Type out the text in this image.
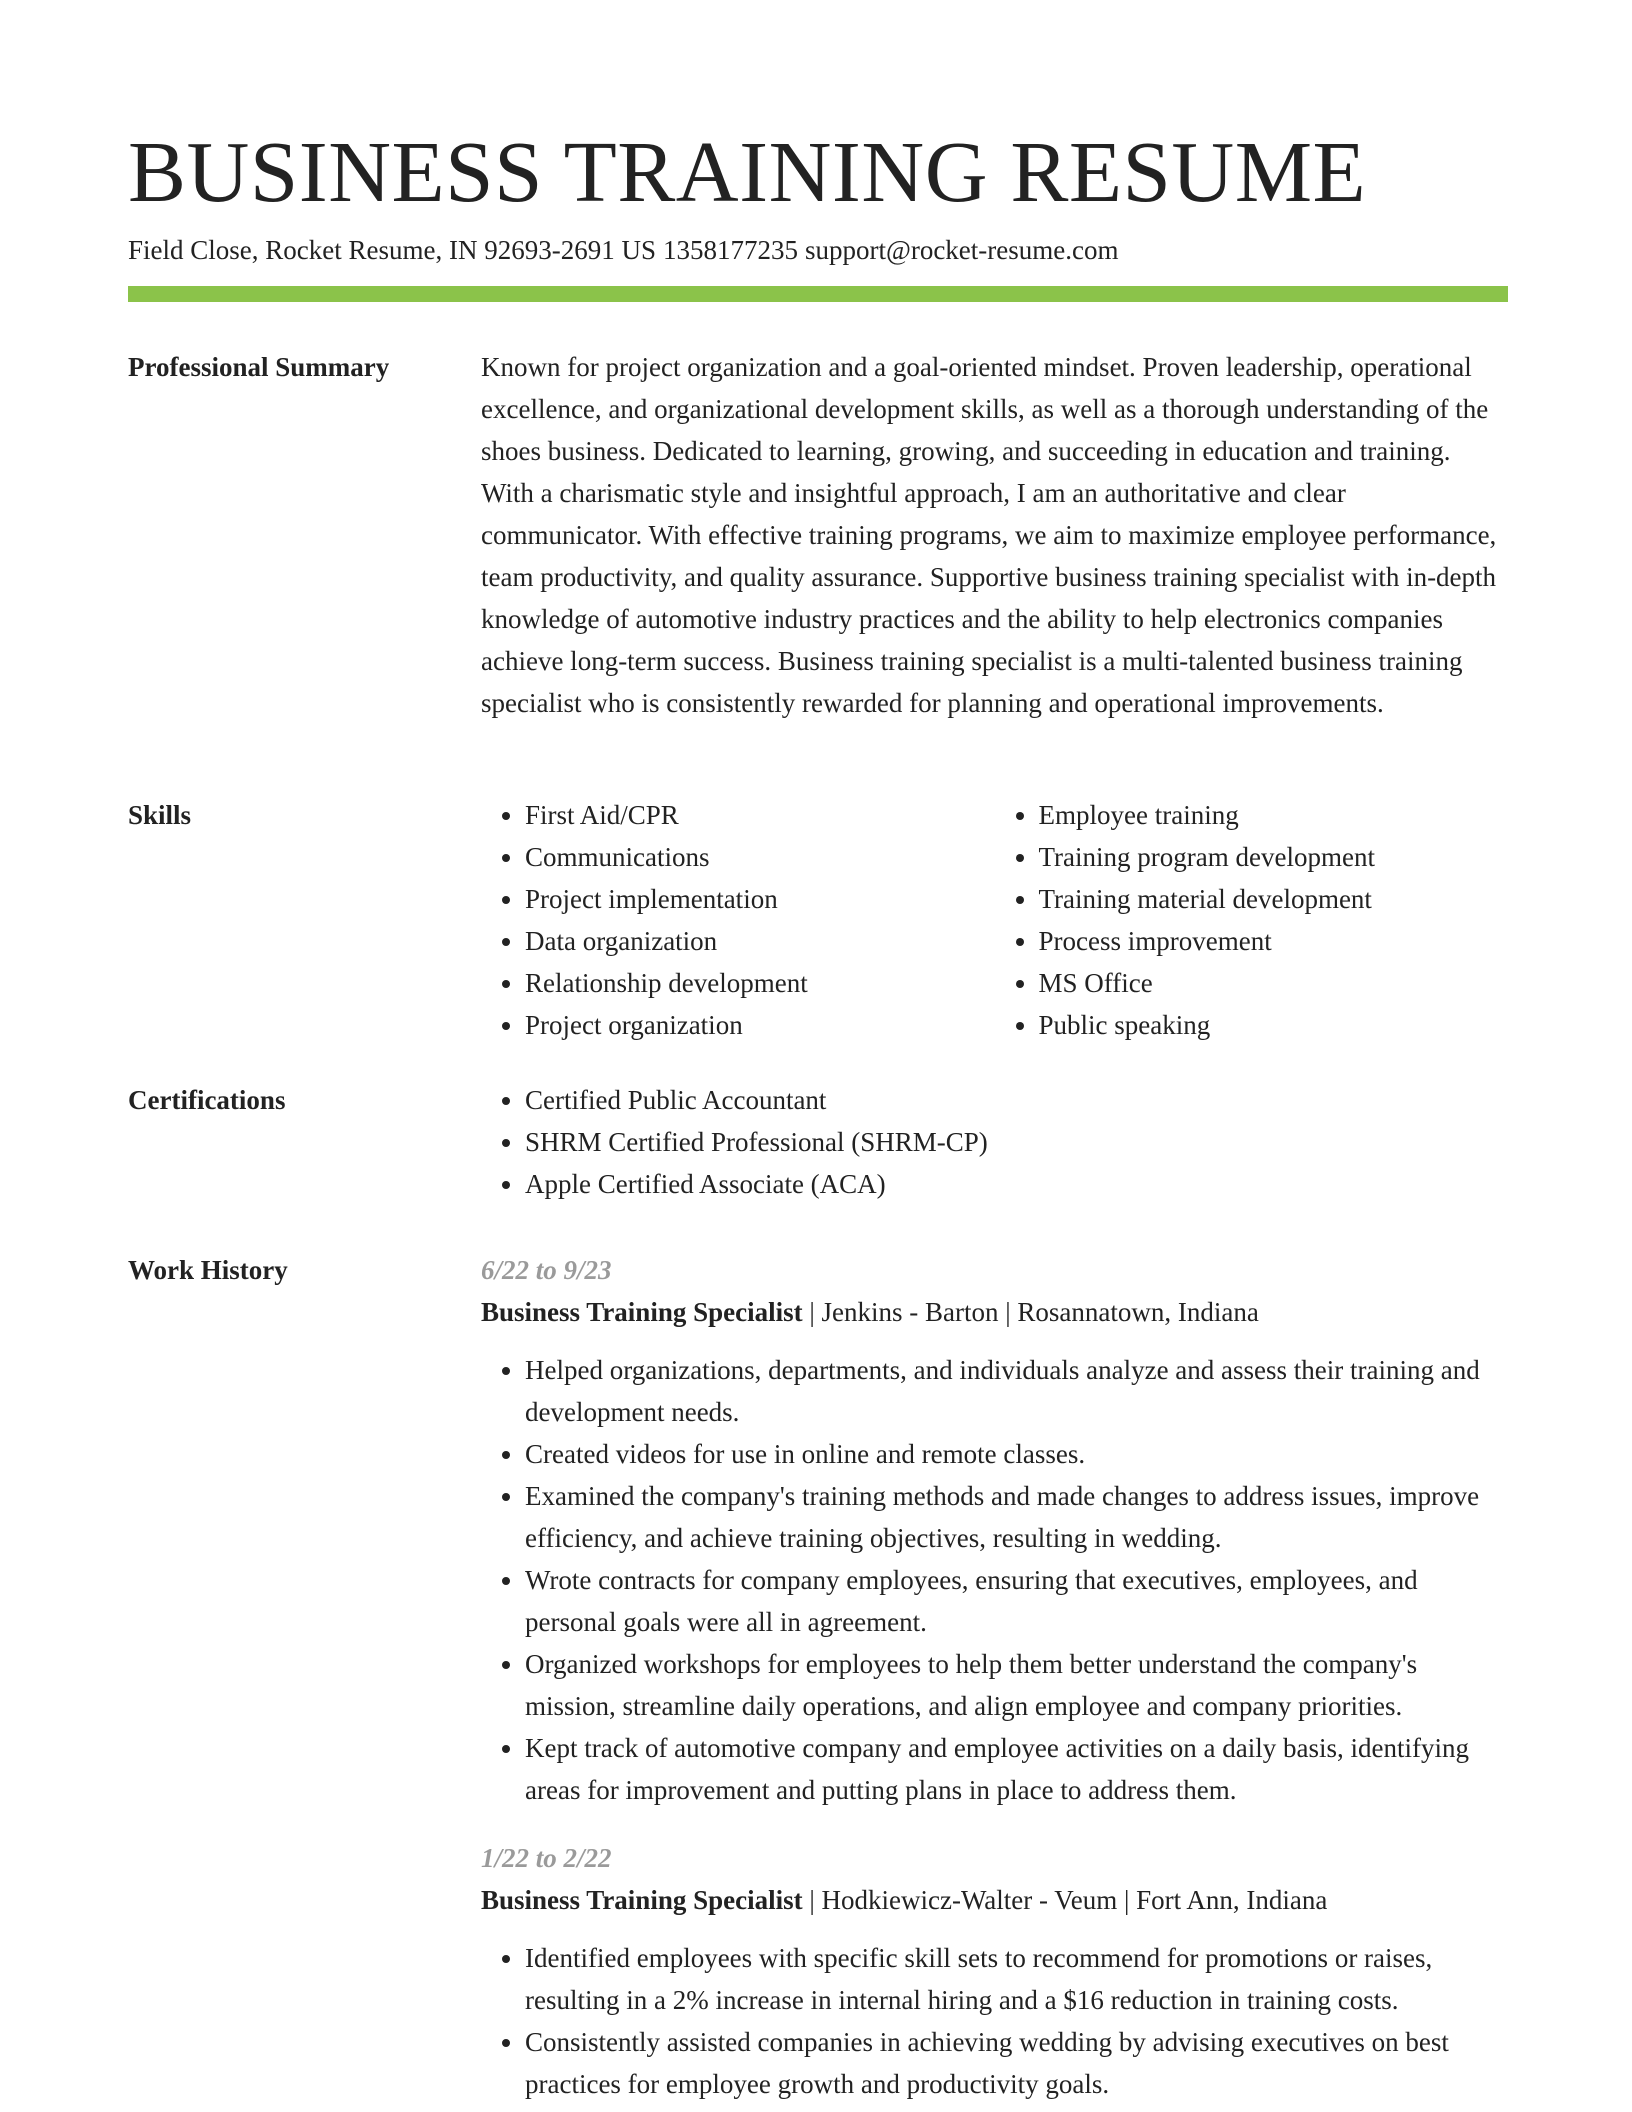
BUSINESS TRAINING RESUME
Field Close, Rocket Resume, IN 92693-2691 US 1358177235 support@rocket-resume.com
Professional Summary	Known for project organization and a goal-oriented mindset. Proven leadership, operational excellence, and organizational development skills, as well as a thorough understanding of the shoes business. Dedicated to learning, growing, and succeeding in education and training. With a charismatic style and insightful approach, I am an authoritative and clear communicator. With effective training programs, we aim to maximize employee performance, team productivity, and quality assurance. Supportive business training specialist with in-depth knowledge of automotive industry practices and the ability to help electronics companies achieve long-term success. Business training specialist is a multi-talented business training specialist who is consistently rewarded for planning and operational improvements.

Skills	• First Aid/CPR
• Communications
• Project implementation
• Data organization
• Relationship development
• Project organization
• Employee training
• Training program development
• Training material development
• Process improvement
• MS Office
• Public speaking
Certifications	• Certified Public Accountant
• SHRM Certified Professional (SHRM-CP)
• Apple Certified Associate (ACA)
Work History	6/22 to 9/23
Business Training Specialist | Jenkins - Barton | Rosannatown, Indiana
• Helped organizations, departments, and individuals analyze and assess their training and development needs.
• Created videos for use in online and remote classes.
• Examined the company's training methods and made changes to address issues, improve efficiency, and achieve training objectives, resulting in wedding.
• Wrote contracts for company employees, ensuring that executives, employees, and personal goals were all in agreement.
• Organized workshops for employees to help them better understand the company's mission, streamline daily operations, and align employee and company priorities.
• Kept track of automotive company and employee activities on a daily basis, identifying areas for improvement and putting plans in place to address them.
1/22 to 2/22
Business Training Specialist | Hodkiewicz-Walter - Veum | Fort Ann, Indiana
• Identified employees with specific skill sets to recommend for promotions or raises, resulting in a 2% increase in internal hiring and a $16 reduction in training costs.
• Consistently assisted companies in achieving wedding by advising executives on best practices for employee growth and productivity goals.
